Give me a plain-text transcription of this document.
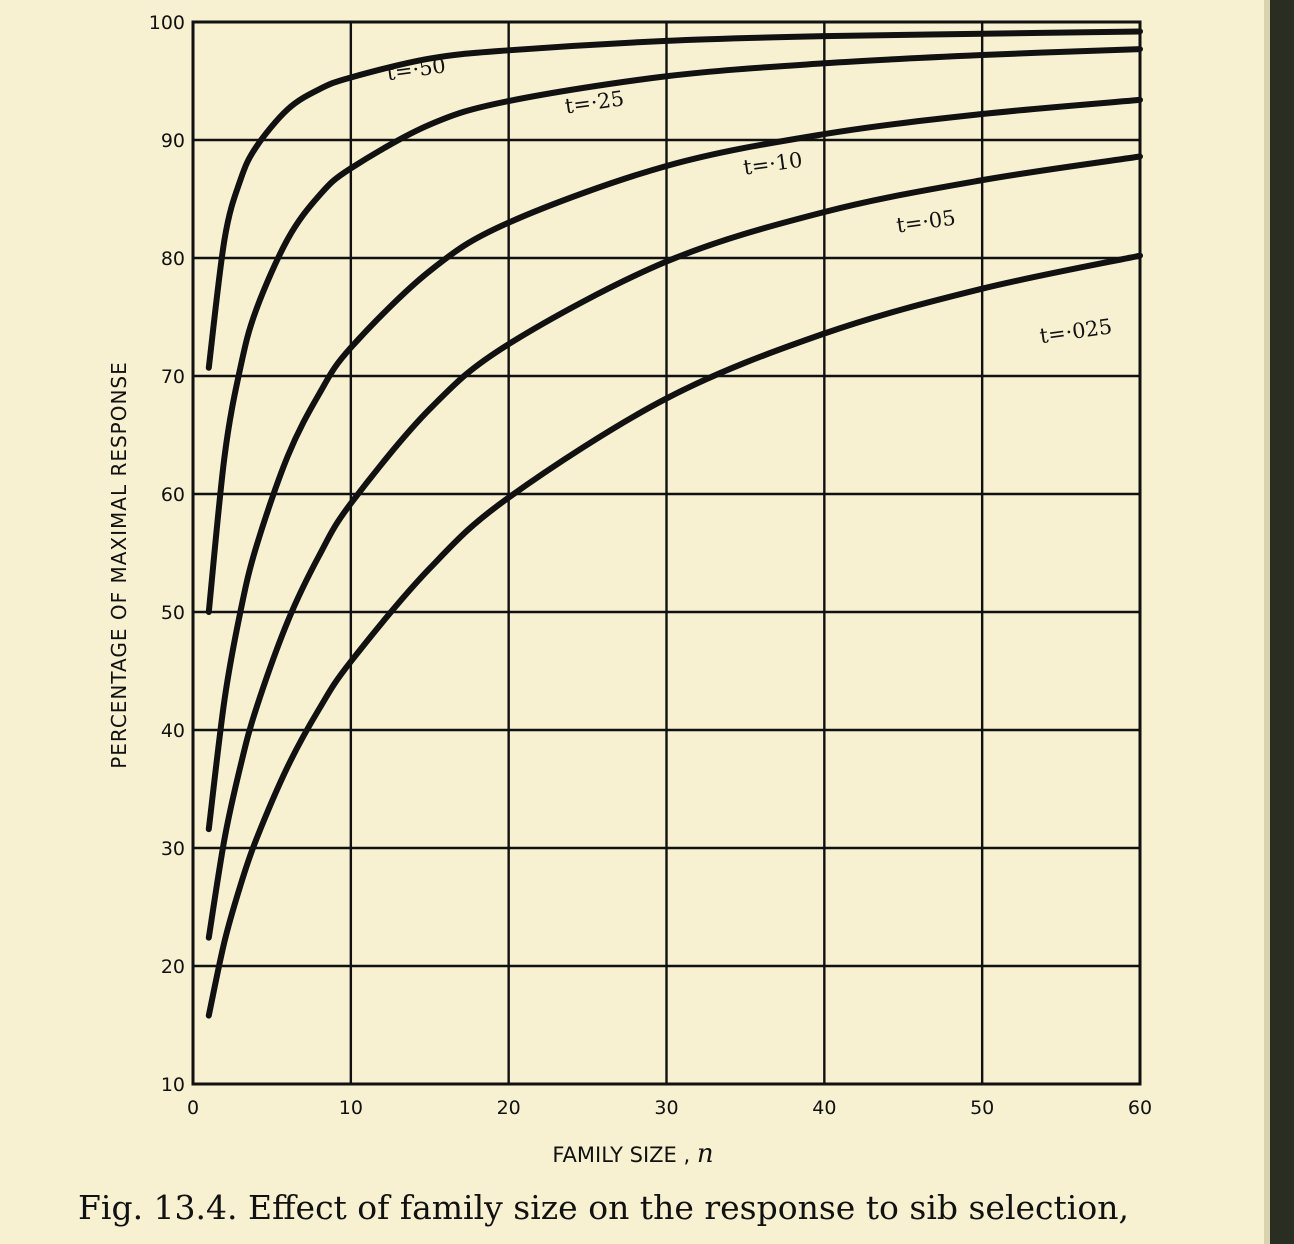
0	10	20	30	40	50	60
10
20
30
40
50
60
70
80
90
100
t=·50
t=·25
t=·10
t=·05
t=·025
PERCENTAGE OF MAXIMAL RESPONSE
FAMILY SIZE , n
Fig. 13.4. Effect of family size on the response to sib selection,
